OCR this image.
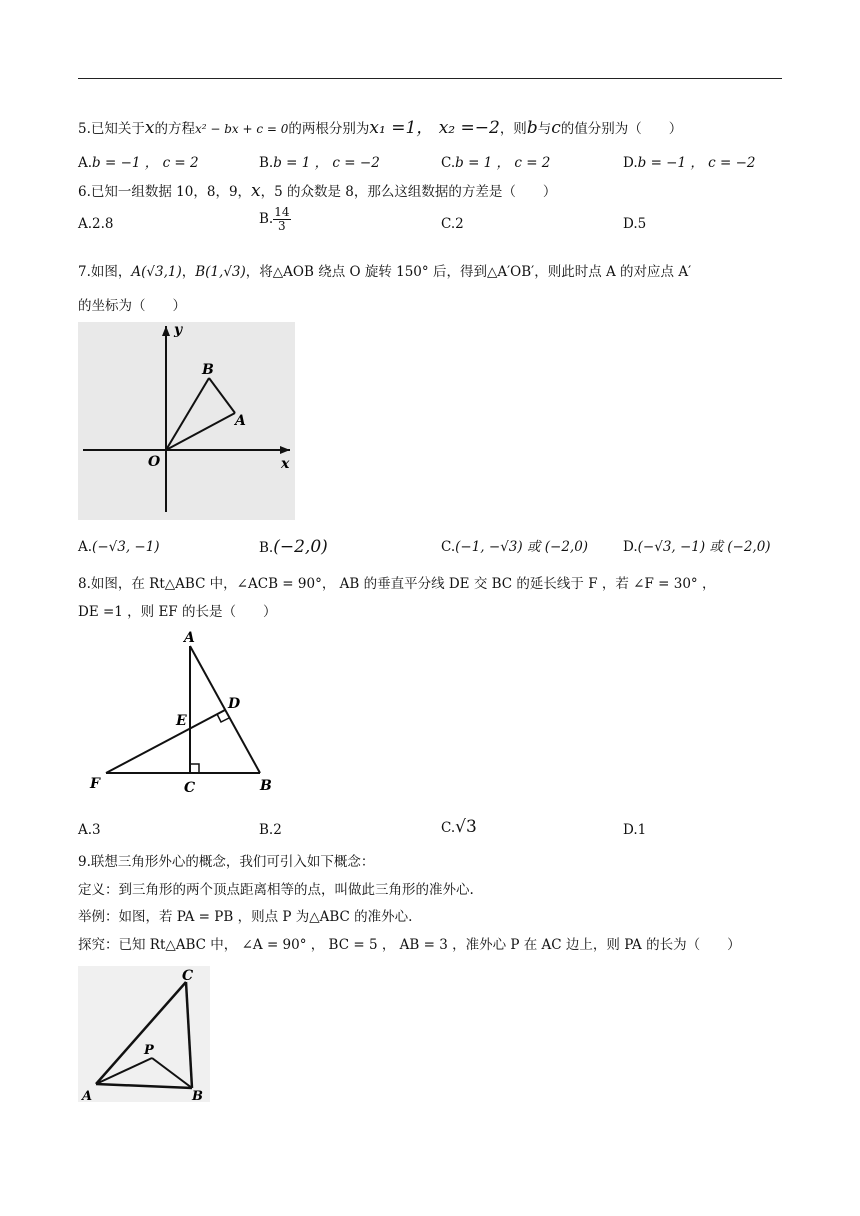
5.已知关于x的方程x² − bx + c = 0的两根分别为x₁ =1， x₂ =−2，则b与c的值分别为（　　）
A.b = −1 ， c = 2	B.b = 1 ， c = −2	C.b = 1 ， c = 2	D.b = −1 ， c = −2
6.已知一组数据 10，8，9，x，5 的众数是 8，那么这组数据的方差是（　　）
A.2.8	B. $\frac{14}{3}$	C.2	D.5
7.如图，A(√3,1)，B(1,√3)，将△AOB 绕点 O 旋转 150° 后，得到△A′OB′，则此时点 A 的对应点 A′
的坐标为（　　）
y
x
O
B
A
A.(−√3, −1)	B.(−2,0)	C.(−1, −√3) 或 (−2,0)	D.(−√3, −1) 或 (−2,0)
8.如图，在 Rt△ABC 中，∠ACB = 90°， AB 的垂直平分线 DE 交 BC 的延长线于 F ，若 ∠F = 30° ，
DE =1 ，则 EF 的长是（　　）
A
D
E
F	C	B
A.3	B.2	C.√3	D.1
9.联想三角形外心的概念，我们可引入如下概念：
定义：到三角形的两个顶点距离相等的点，叫做此三角形的准外心.
举例：如图，若 PA = PB ，则点 P 为△ABC 的准外心.
探究：已知 Rt△ABC 中， ∠A = 90° ， BC = 5 ， AB = 3 ，准外心 P 在 AC 边上，则 PA 的长为（　　）
C
P
A	B
